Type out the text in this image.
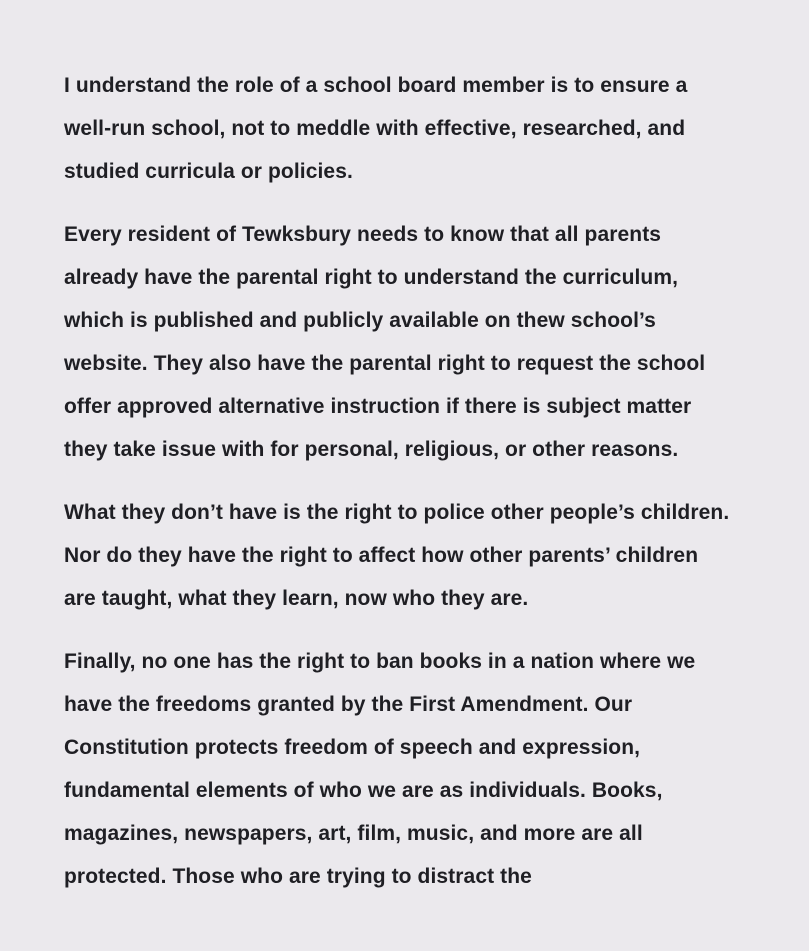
I understand the role of a school board member is to ensure a
well-run school, not to meddle with effective, researched, and
studied curricula or policies.

Every resident of Tewksbury needs to know that all parents
already have the parental right to understand the curriculum,
which is published and publicly available on thew school’s
website. They also have the parental right to request the school
offer approved alternative instruction if there is subject matter
they take issue with for personal, religious, or other reasons.

What they don’t have is the right to police other people’s children.
Nor do they have the right to affect how other parents’ children
are taught, what they learn, now who they are.

Finally, no one has the right to ban books in a nation where we
have the freedoms granted by the First Amendment. Our
Constitution protects freedom of speech and expression,
fundamental elements of who we are as individuals. Books,
magazines, newspapers, art, film, music, and more are all
protected. Those who are trying to distract the
